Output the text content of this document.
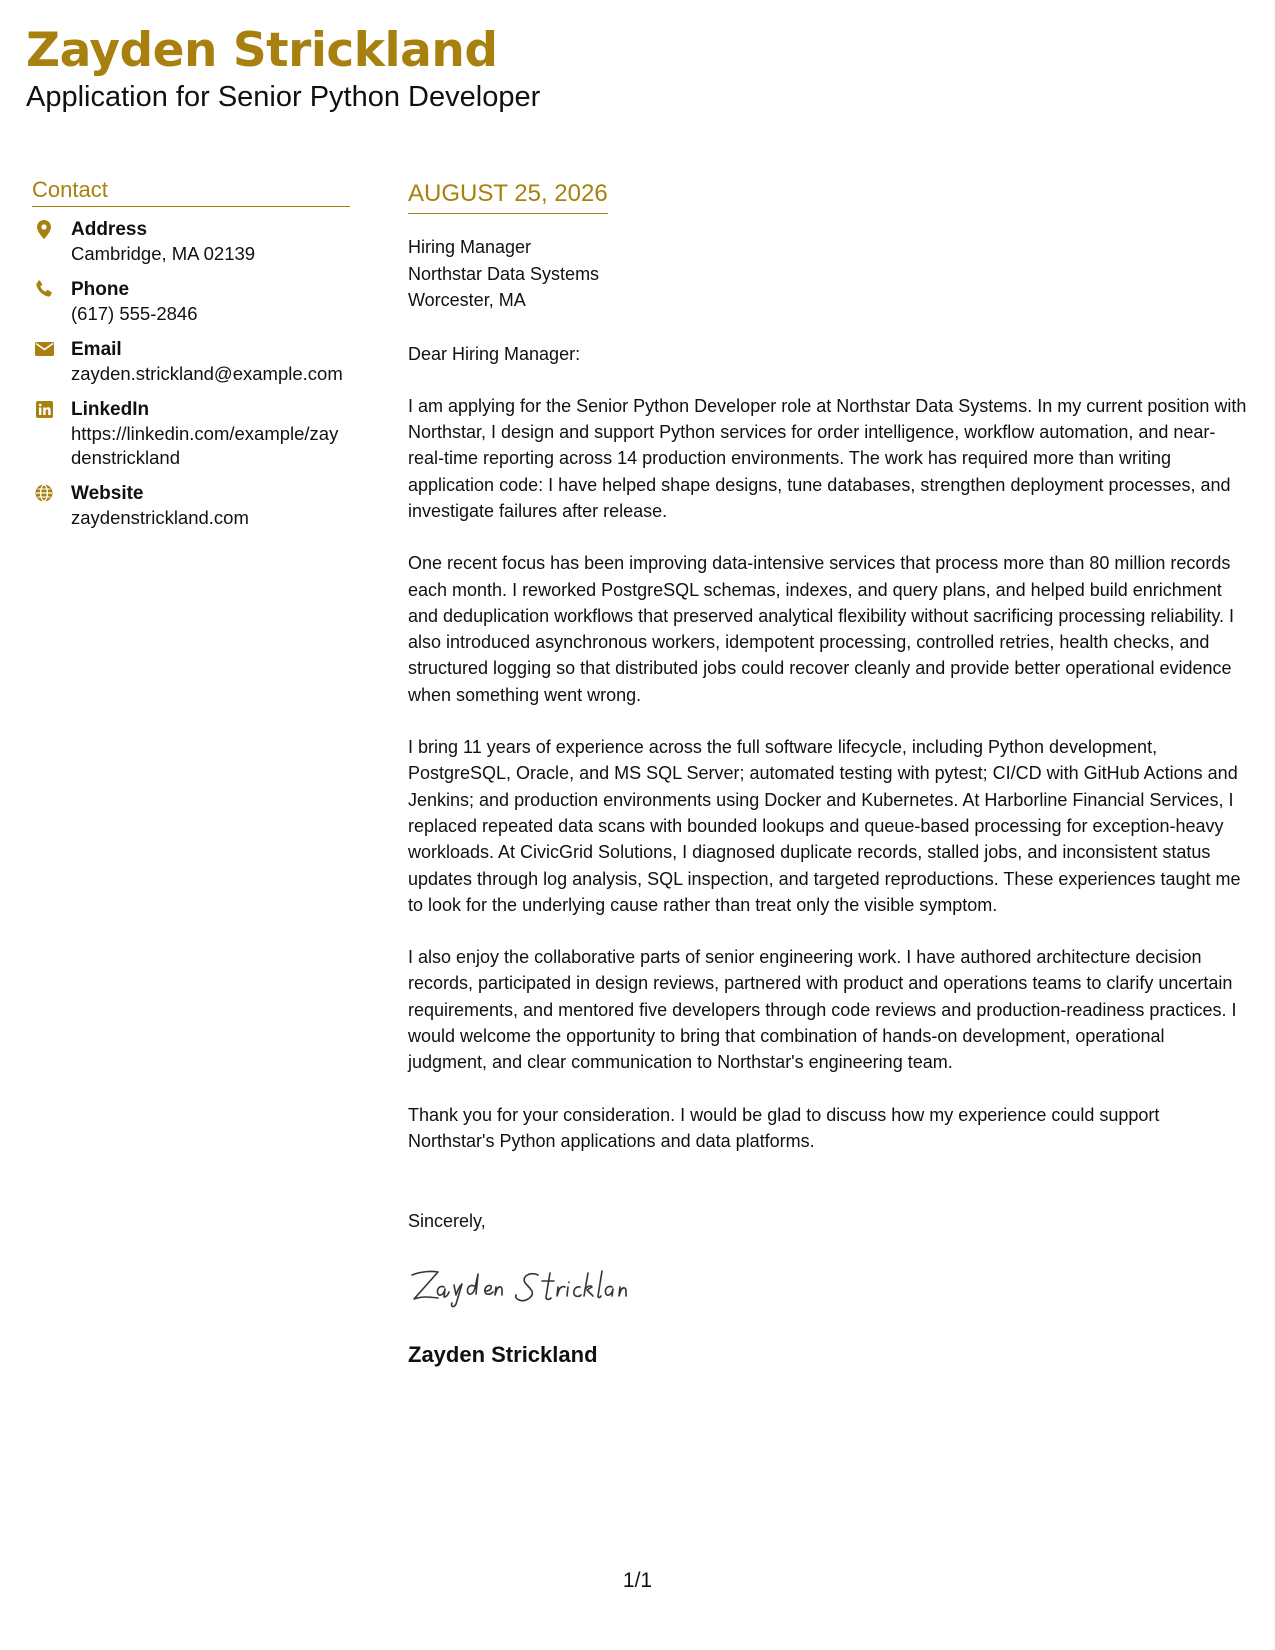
Zayden Strickland
Application for Senior Python Developer
Contact
Address
Cambridge, MA 02139
Phone
(617) 555-2846
Email
zayden.strickland@example.com
LinkedIn
https://linkedin.com/example/zaydenstrickland
Website
zaydenstrickland.com
AUGUST 25, 2026
Hiring Manager
Northstar Data Systems
Worcester, MA
Dear Hiring Manager:
I am applying for the Senior Python Developer role at Northstar Data Systems. In my current position with Northstar, I design and support Python services for order intelligence, workflow automation, and near-real-time reporting across 14 production environments. The work has required more than writing application code: I have helped shape designs, tune databases, strengthen deployment processes, and investigate failures after release.
One recent focus has been improving data-intensive services that process more than 80 million records each month. I reworked PostgreSQL schemas, indexes, and query plans, and helped build enrichment and deduplication workflows that preserved analytical flexibility without sacrificing processing reliability. I also introduced asynchronous workers, idempotent processing, controlled retries, health checks, and structured logging so that distributed jobs could recover cleanly and provide better operational evidence when something went wrong.
I bring 11 years of experience across the full software lifecycle, including Python development, PostgreSQL, Oracle, and MS SQL Server; automated testing with pytest; CI/CD with GitHub Actions and Jenkins; and production environments using Docker and Kubernetes. At Harborline Financial Services, I replaced repeated data scans with bounded lookups and queue-based processing for exception-heavy workloads. At CivicGrid Solutions, I diagnosed duplicate records, stalled jobs, and inconsistent status updates through log analysis, SQL inspection, and targeted reproductions. These experiences taught me to look for the underlying cause rather than treat only the visible symptom.
I also enjoy the collaborative parts of senior engineering work. I have authored architecture decision records, participated in design reviews, partnered with product and operations teams to clarify uncertain requirements, and mentored five developers through code reviews and production-readiness practices. I would welcome the opportunity to bring that combination of hands-on development, operational judgment, and clear communication to Northstar's engineering team.
Thank you for your consideration. I would be glad to discuss how my experience could support Northstar's Python applications and data platforms.
Sincerely,
Zayden Strickland
1/1
